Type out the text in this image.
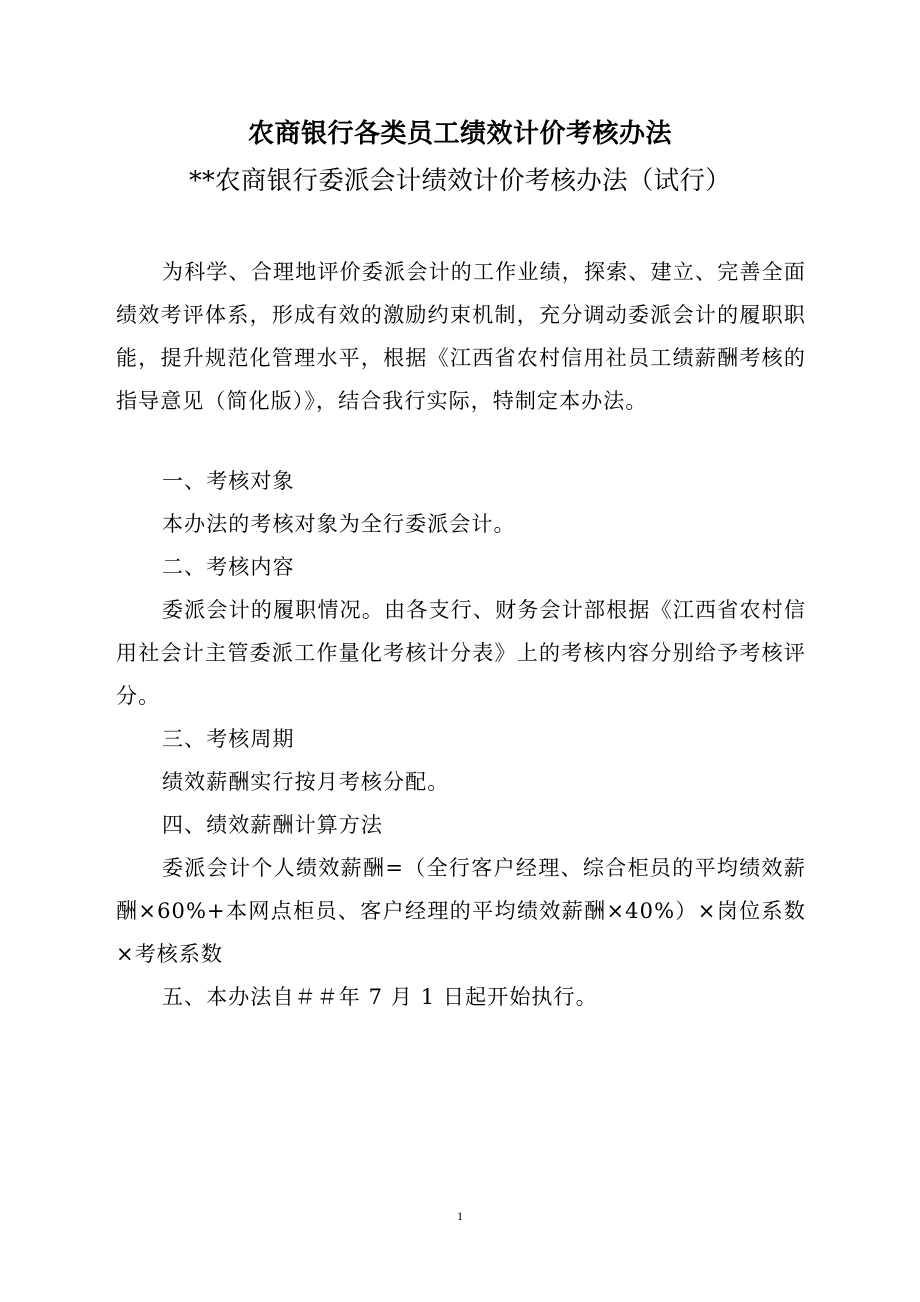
农商银行各类员工绩效计价考核办法
**农商银行委派会计绩效计价考核办法（试行）

为科学、合理地评价委派会计的工作业绩，探索、建立、完善全面绩效考评体系，形成有效的激励约束机制，充分调动委派会计的履职职能，提升规范化管理水平，根据《江西省农村信用社员工绩薪酬考核的指导意见（简化版）》，结合我行实际，特制定本办法。

一、考核对象

本办法的考核对象为全行委派会计。

二、考核内容

委派会计的履职情况。由各支行、财务会计部根据《江西省农村信用社会计主管委派工作量化考核计分表》上的考核内容分别给予考核评分。

三、考核周期

绩效薪酬实行按月考核分配。

四、绩效薪酬计算方法

委派会计个人绩效薪酬=（全行客户经理、综合柜员的平均绩效薪酬×60%+本网点柜员、客户经理的平均绩效薪酬×40%）×岗位系数×考核系数

五、本办法自＃＃年 7 月 1 日起开始执行。

1
